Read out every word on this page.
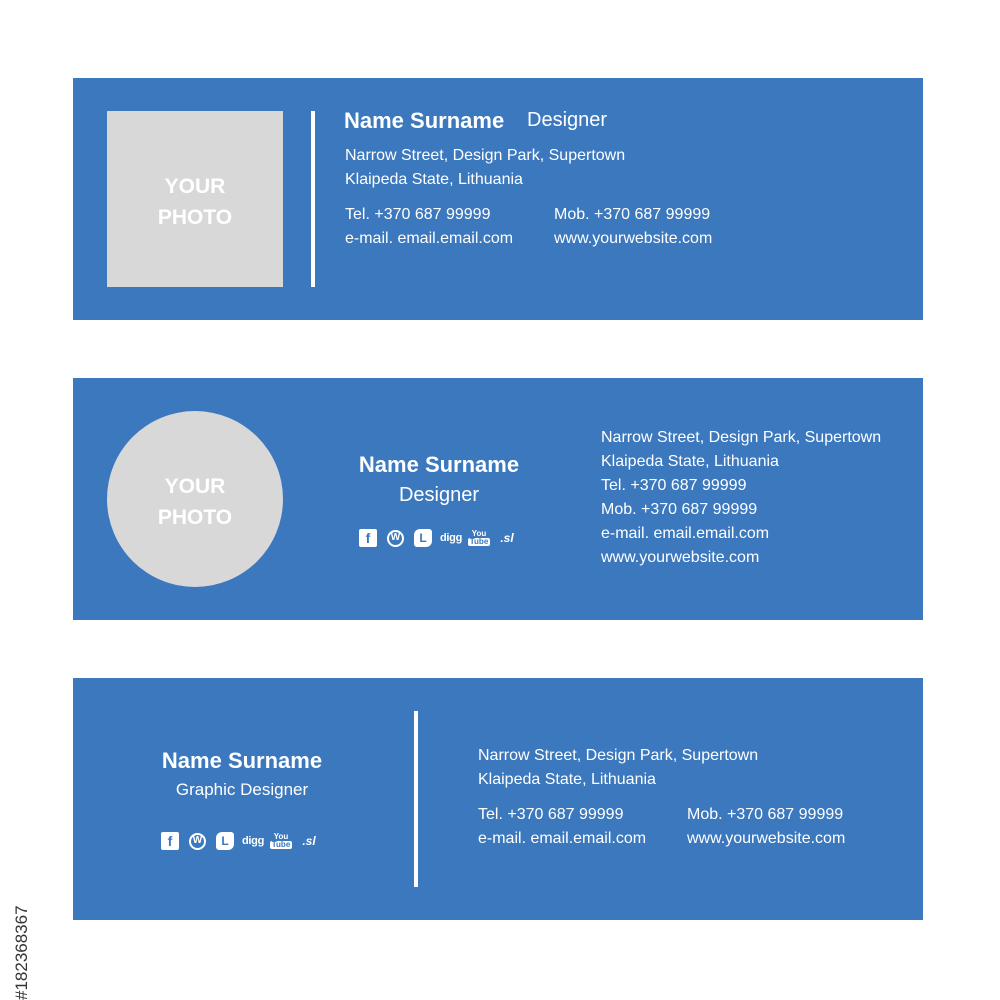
YOUR
PHOTO
Name Surname Designer
Narrow Street, Design Park, Supertown
Klaipeda State, Lithuania
Tel. +370 687 99999
e-mail. email.email.com
Mob. +370 687 99999
www.yourwebsite.com
YOUR
PHOTO
Name Surname
Designer
f	W	L	digg You
Tube .sl
Narrow Street, Design Park, Supertown
Klaipeda State, Lithuania
Tel. +370 687 99999
Mob. +370 687 99999
e-mail. email.email.com
www.yourwebsite.com
Name Surname
Graphic Designer
f	W	L	digg You
Tube .sl
Narrow Street, Design Park, Supertown
Klaipeda State, Lithuania
Tel. +370 687 99999
e-mail. email.email.com
Mob. +370 687 99999
www.yourwebsite.com
#182368367
